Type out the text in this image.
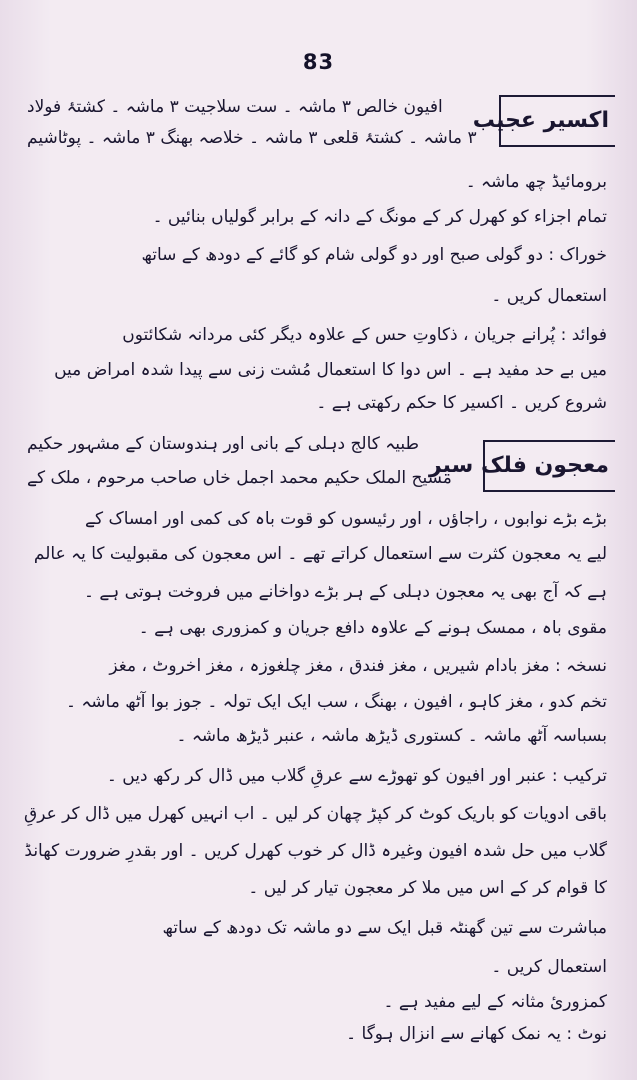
83
اکسیر عجیب
افیون خالص ۳ ماشہ ۔ ست سلاجیت ۳ ماشہ ۔ کشتۂ فولاد
۳ ماشہ ۔ کشتۂ قلعی ۳ ماشہ ۔ خلاصہ بھنگ ۳ ماشہ ۔ پوٹاشیم
برومائیڈ چھ ماشہ ۔
تمام اجزاء کو کھرل کر کے مونگ کے دانہ کے برابر گولیاں بنائیں ۔
خوراک : دو گولی صبح اور دو گولی شام کو گائے کے دودھ کے ساتھ
استعمال کریں ۔
فوائد : پُرانے جریان ، ذکاوتِ حس کے علاوہ دیگر کئی مردانہ شکائتوں
میں بے حد مفید ہے ۔ اس دوا کا استعمال مُشت زنی سے پیدا شدہ امراض میں
شروع کریں ۔ اکسیر کا حکم رکھتی ہے ۔
معجون فلک سیر
طبیہ کالج دہلی کے بانی اور ہندوستان کے مشہور حکیم
مسیح الملک حکیم محمد اجمل خاں صاحب مرحوم ، ملک کے
بڑے بڑے نوابوں ، راجاؤں ، اور رئیسوں کو قوت باہ کی کمی اور امساک کے
لیے یہ معجون کثرت سے استعمال کراتے تھے ۔ اس معجون کی مقبولیت کا یہ عالم
ہے کہ آج بھی یہ معجون دہلی کے ہر بڑے دواخانے میں فروخت ہوتی ہے ۔
مقوی باہ ، ممسک ہونے کے علاوہ دافع جریان و کمزوری بھی ہے ۔
نسخہ : مغز بادام شیریں ، مغز فندق ، مغز چلغوزہ ، مغز اخروٹ ، مغز
تخم کدو ، مغز کاہو ، افیون ، بھنگ ، سب ایک ایک تولہ ۔ جوز بوا آٹھ ماشہ ۔
بسباسہ آٹھ ماشہ ۔ کستوری ڈیڑھ ماشہ ، عنبر ڈیڑھ ماشہ ۔
ترکیب : عنبر اور افیون کو تھوڑے سے عرقِ گلاب میں ڈال کر رکھ دیں ۔
باقی ادویات کو باریک کوٹ کر کپڑ چھان کر لیں ۔ اب انہیں کھرل میں ڈال کر عرقِ
گلاب میں حل شدہ افیون وغیرہ ڈال کر خوب کھرل کریں ۔ اور بقدرِ ضرورت کھانڈ
کا قوام کر کے اس میں ملا کر معجون تیار کر لیں ۔
مباشرت سے تین گھنٹہ قبل ایک سے دو ماشہ تک دودھ کے ساتھ
استعمال کریں ۔
کمزوریٔ مثانہ کے لیے مفید ہے ۔
نوٹ : یہ نمک کھانے سے انزال ہوگا ۔
